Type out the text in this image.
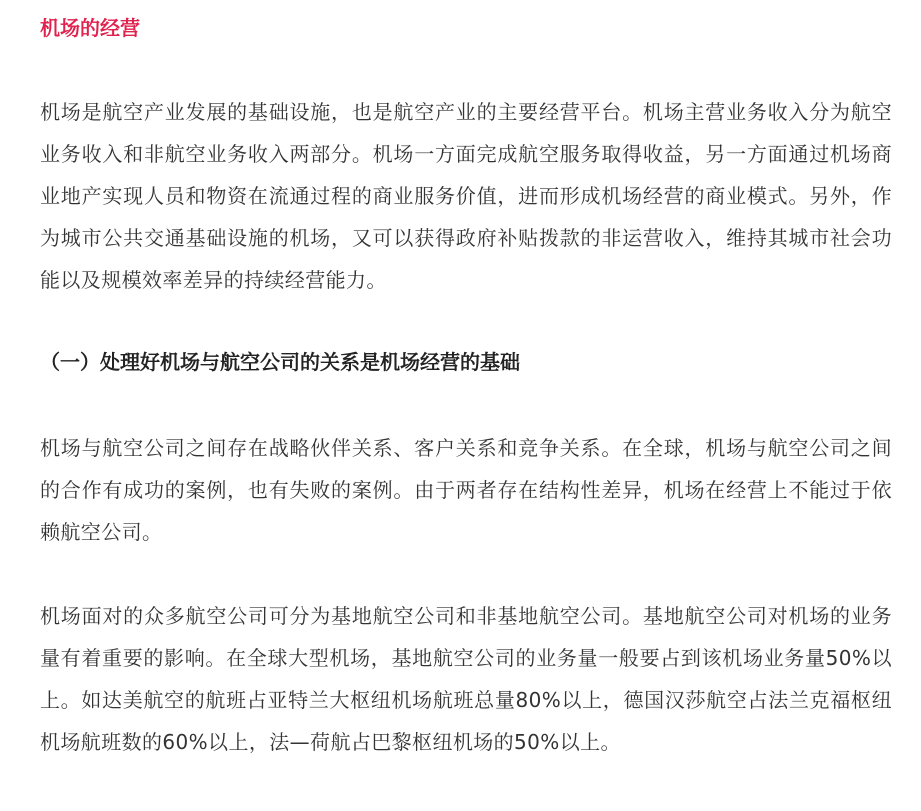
机场的经营

机场是航空产业发展的基础设施，也是航空产业的主要经营平台。机场主营业务收入分为航空业务收入和非航空业务收入两部分。机场一方面完成航空服务取得收益，另一方面通过机场商业地产实现人员和物资在流通过程的商业服务价值，进而形成机场经营的商业模式。另外，作为城市公共交通基础设施的机场，又可以获得政府补贴拨款的非运营收入，维持其城市社会功能以及规模效率差异的持续经营能力。

（一）处理好机场与航空公司的关系是机场经营的基础

机场与航空公司之间存在战略伙伴关系、客户关系和竞争关系。在全球，机场与航空公司之间的合作有成功的案例，也有失败的案例。由于两者存在结构性差异，机场在经营上不能过于依赖航空公司。

机场面对的众多航空公司可分为基地航空公司和非基地航空公司。基地航空公司对机场的业务量有着重要的影响。在全球大型机场，基地航空公司的业务量一般要占到该机场业务量50%以上。如达美航空的航班占亚特兰大枢纽机场航班总量80%以上，德国汉莎航空占法兰克福枢纽机场航班数的60%以上，法—荷航占巴黎枢纽机场的50%以上。
